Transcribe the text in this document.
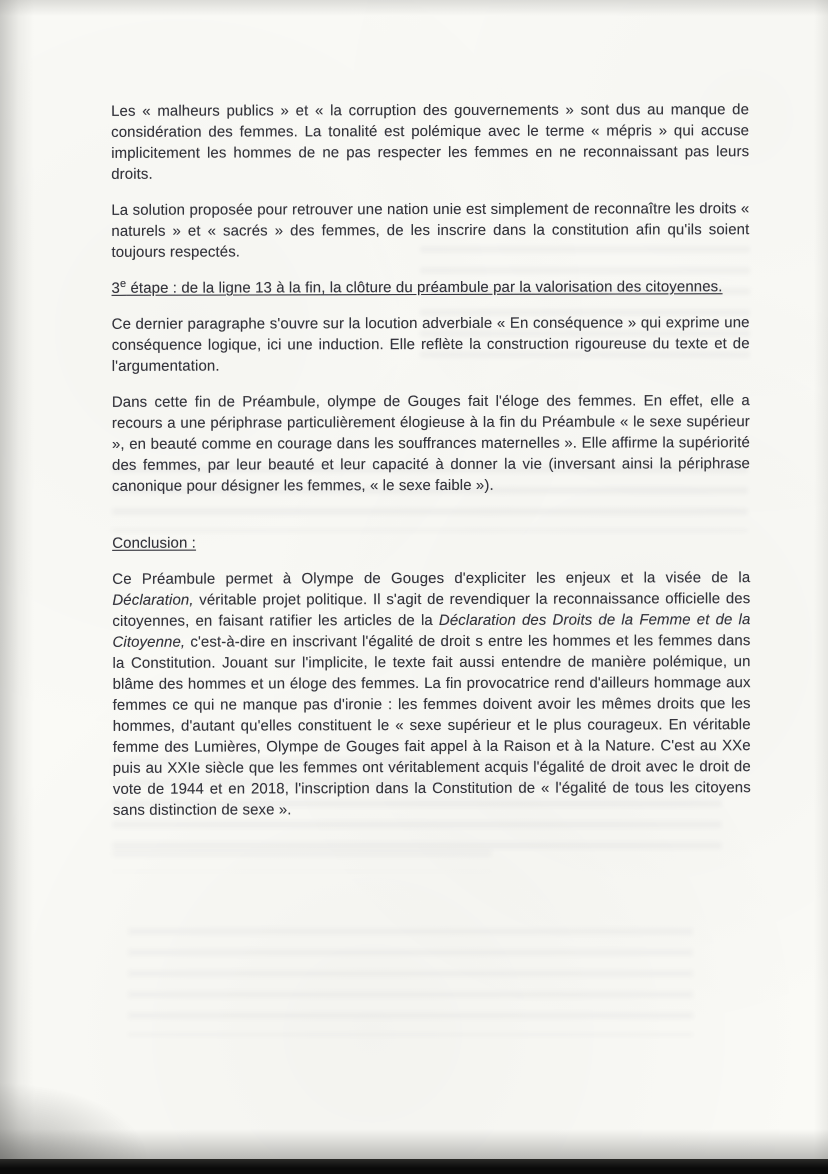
Les « malheurs publics » et « la corruption des gouvernements » sont dus au manque de considération des femmes. La tonalité est polémique avec le terme « mépris » qui accuse implicitement les hommes de ne pas respecter les femmes en ne reconnaissant pas leurs droits.

La solution proposée pour retrouver une nation unie est simplement de reconnaître les droits « naturels » et « sacrés » des femmes, de les inscrire dans la constitution afin qu'ils soient toujours respectés.

3e étape : de la ligne 13 à la fin, la clôture du préambule par la valorisation des citoyennes.

Ce dernier paragraphe s'ouvre sur la locution adverbiale « En conséquence » qui exprime une conséquence logique, ici une induction. Elle reflète la construction rigoureuse du texte et de l'argumentation.

Dans cette fin de Préambule, olympe de Gouges fait l'éloge des femmes. En effet, elle a recours a une périphrase particulièrement élogieuse à la fin du Préambule « le sexe supérieur », en beauté comme en courage dans les souffrances maternelles ». Elle affirme la supériorité des femmes, par leur beauté et leur capacité à donner la vie (inversant ainsi la périphrase canonique pour désigner les femmes, « le sexe faible »).

Conclusion :

Ce Préambule permet à Olympe de Gouges d'expliciter les enjeux et la visée de la Déclaration, véritable projet politique. Il s'agit de revendiquer la reconnaissance officielle des citoyennes, en faisant ratifier les articles de la Déclaration des Droits de la Femme et de la Citoyenne, c'est-à-dire en inscrivant l'égalité de droit s entre les hommes et les femmes dans la Constitution. Jouant sur l'implicite, le texte fait aussi entendre de manière polémique, un blâme des hommes et un éloge des femmes. La fin provocatrice rend d'ailleurs hommage aux femmes ce qui ne manque pas d'ironie : les femmes doivent avoir les mêmes droits que les hommes, d'autant qu'elles constituent le « sexe supérieur et le plus courageux. En véritable femme des Lumières, Olympe de Gouges fait appel à la Raison et à la Nature. C'est au XXe puis au XXIe siècle que les femmes ont véritablement acquis l'égalité de droit avec le droit de vote de 1944 et en 2018, l'inscription dans la Constitution de « l'égalité de tous les citoyens sans distinction de sexe ».
